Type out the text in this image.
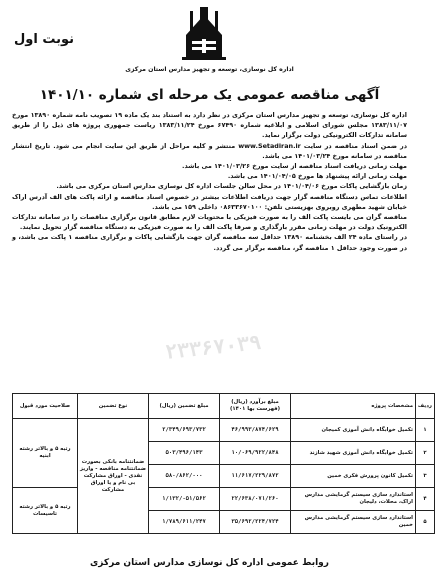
نوبت اول
اداره کل نوسازی، توسعه و تجهیز مدارس استان مرکزی
آگهی مناقصه عمومی یک مرحله ای شماره ۱۴۰۱/۱۰

اداره کل نوسازی، توسعه و تجهیز مدارس استان مرکزی در نظر دارد به استناد بند یک ماده ۱۹ تصویب نامه شماره ۱۳۸۹۰ مورخ ۱۳۸۳/۱۱/۰۷ مجلس شورای اسلامی و ابلاغیه شماره ۶۷۴۹۰ مورخ ۱۳۸۳/۱۱/۲۴ ریاست جمهوری پروژه های ذیل را از طریق سامانه تدارکات الکترونیکی دولت برگزار نماید.

در ضمن اسناد مناقصه در سایت www.Setadiran.ir منتشر و کلیه مراحل از طریق این سایت انجام می شود. تاریخ انتشار مناقصه در سامانه مورخ ۱۴۰۱/۰۳/۲۴ می باشد.

مهلت زمانی دریافت اسناد مناقصه از سایت مورخ ۱۴۰۱/۰۳/۲۶ می باشد.

مهلت زمانی ارائه پیشنهاد ها مورخ ۱۴۰۱/۰۴/۰۵ می باشد.

زمان بازگشایی پاکات مورخ ۱۴۰۱/۰۴/۰۶ در محل سالن جلسات اداره کل نوسازی مدارس استان مرکزی می باشد.

اطلاعات تماس دستگاه مناقصه گزار جهت دریافت اطلاعات بیشتر در خصوص اسناد مناقصه و ارائه پاکت های الف آدرس اراک خیابان شهید مطهری روبروی بهزیستی تلفن: ۰۸۶۳۳۶۷۰۱۰۰ داخلی ۱۵۹ می باشد.

مناقصه گران می بایست پاکت الف را به صورت فیزیکی با محتویات لازم مطابق قانون برگزاری مناقصات را در سامانه تدارکات الکترونیک دولت در مهلت زمانی مقرر بارگذاری و صرفا پاکت الف را به صورت فیزیکی به دستگاه مناقصه گزار تحویل نمایند.

در راستای ماده ۲۴ الف بخشنامه ۱۳۸۹۰ حداقل سه مناقصه گران جهت بازگشایی پاکات و برگزاری مناقصه ۱ پاکت می باشد، و در صورت وجود حداقل ۱ مناقصه گر، مناقصه برگزار می گردد.

۲۳۳۶۷۰۳۹
ردیف	مشخصات پروژه	مبلغ برآورد (ریال) (فهرست بها ۱۴۰۱)	مبلغ تضمین (ریال)	نوع تضمین	صلاحیت مورد قبول
۱	تکمیل خوابگاه دانش آموزی کمیجان	۴۶/۹۹۳/۸۷۴/۶۲۹	۲/۳۴۹/۶۹۳/۷۳۲	ضمانتنامه بانکی بصورت ضمانتنامه مناقصه - واریز نقدی - اوراق مشارکت بی نام و یا اوراق مشارکت	رتبه ۵ و بالاتر رشته ابنیه
۲	تکمیل خوابگاه دانش آموزی شهید شازند	۱۰/۰۶۹/۹۲۲/۸۴۸	۵۰۳/۴۹۶/۱۴۳		
۳	تکمیل کانون پرورش فکری خمین	۱۱/۶۱۷/۲۲۹/۸۷۲	۵۸۰/۸۶۲/۰۰۰		
۴	استاندارد سازی سیستم گرمایشی مدارس اراک، محلات، دلیجان	۲۲/۶۳۸/۰۷۱/۲۶۰	۱/۱۳۲/۰۵۱/۵۶۲		رتبه ۵ و بالاتر رشته تاسیسات
۵	استاندارد سازی سیستم گرمایشی مدارس خمین	۳۵/۶۹۲/۲۲۴/۷۲۴	۱/۷۸۹/۶۱۱/۲۴۷		
روابط عمومی اداره کل نوسازی مدارس استان مرکزی
